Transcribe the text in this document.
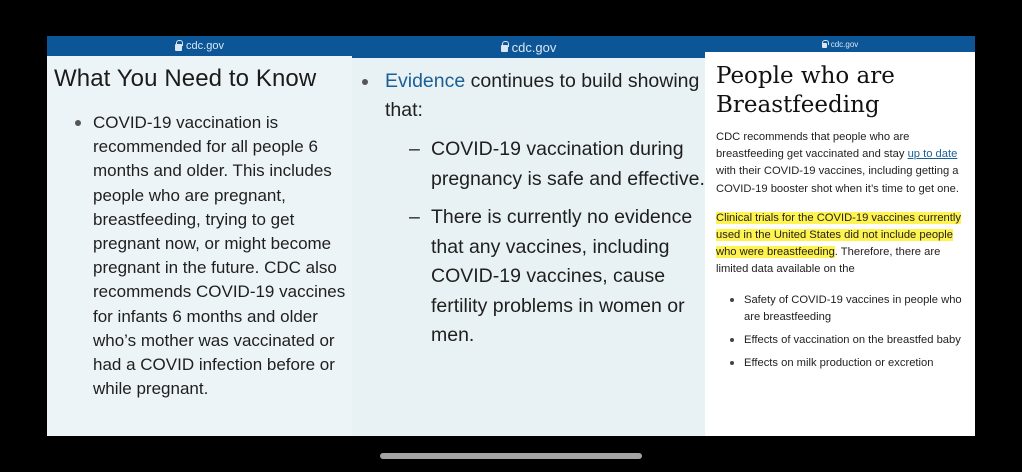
cdc.gov
What You Need to Know
COVID-19 vaccination is recommended for all people 6 months and older. This includes people who are pregnant, breastfeeding, trying to get pregnant now, or might become pregnant in the future. CDC also recommends COVID-19 vaccines for infants 6 months and older who’s mother was vaccinated or had a COVID infection before or while pregnant.
cdc.gov
Evidence continues to build showing that:
– COVID-19 vaccination during pregnancy is safe and effective.
– There is currently no evidence that any vaccines, including COVID-19 vaccines, cause fertility problems in women or men.
cdc.gov
People who are Breastfeeding

CDC recommends that people who are breastfeeding get vaccinated and stay up to date with their COVID-19 vaccines, including getting a COVID-19 booster shot when it’s time to get one.

Clinical trials for the COVID-19 vaccines currently used in the United States did not include people who were breastfeeding. Therefore, there are limited data available on the

Safety of COVID-19 vaccines in people who are breastfeeding
Effects of vaccination on the breastfed baby
Effects on milk production or excretion
